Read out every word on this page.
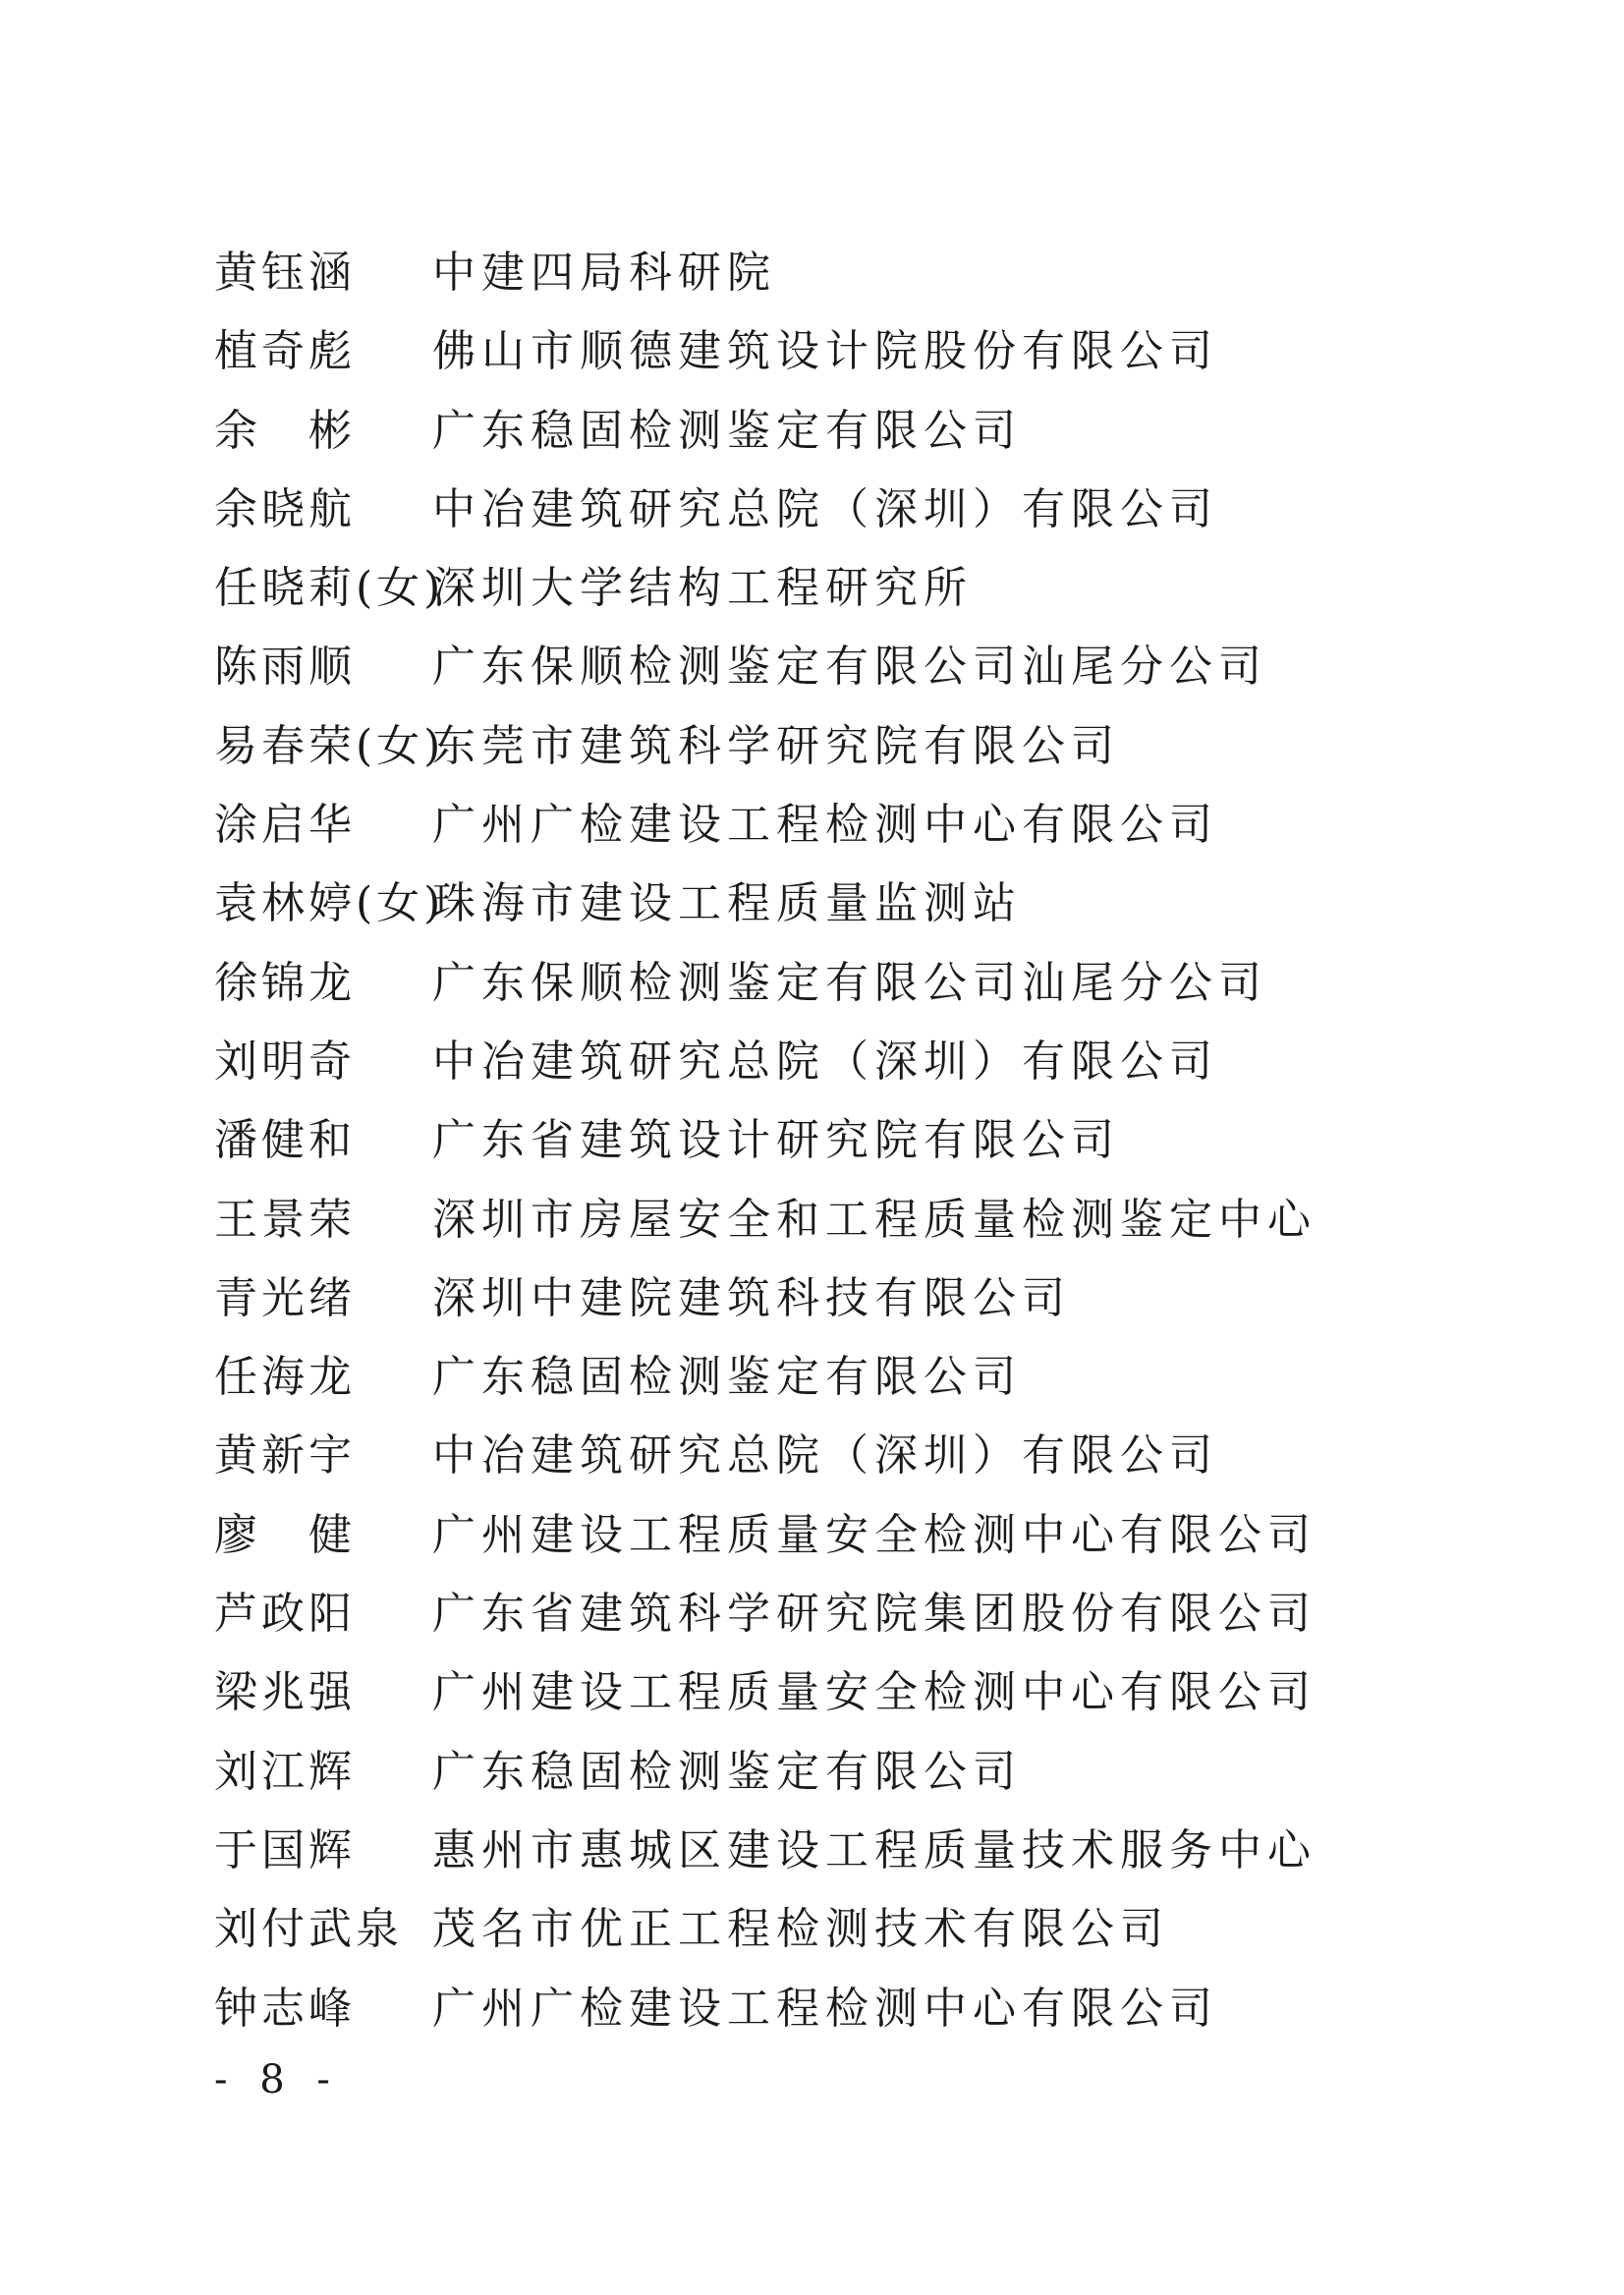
黄钰涵 中建四局科研院
植奇彪 佛山市顺德建筑设计院股份有限公司
余　彬 广东稳固检测鉴定有限公司
余晓航 中冶建筑研究总院（深圳）有限公司
任晓莉(女)
深圳大学结构工程研究所
陈雨顺 广东保顺检测鉴定有限公司汕尾分公司
易春荣(女)
东莞市建筑科学研究院有限公司
涂启华 广州广检建设工程检测中心有限公司
袁林婷(女)
珠海市建设工程质量监测站
徐锦龙 广东保顺检测鉴定有限公司汕尾分公司
刘明奇 中冶建筑研究总院（深圳）有限公司
潘健和 广东省建筑设计研究院有限公司
王景荣 深圳市房屋安全和工程质量检测鉴定中心
青光绪 深圳中建院建筑科技有限公司
任海龙 广东稳固检测鉴定有限公司
黄新宇 中冶建筑研究总院（深圳）有限公司
廖　健 广州建设工程质量安全检测中心有限公司
芦政阳 广东省建筑科学研究院集团股份有限公司
梁兆强 广州建设工程质量安全检测中心有限公司
刘江辉 广东稳固检测鉴定有限公司
于国辉 惠州市惠城区建设工程质量技术服务中心
刘付武泉 茂名市优正工程检测技术有限公司
钟志峰 广州广检建设工程检测中心有限公司
- 8 -
